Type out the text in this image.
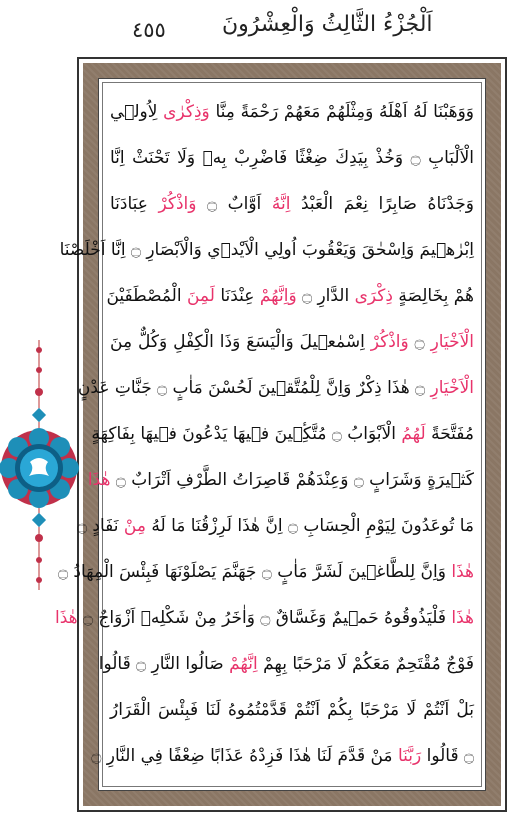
٤٥٥	اَلْجُزْءُ الثَّالِثُ وَالْعِشْرُونَ
وَوَهَبْنَا لَهُ اَهْلَهُ وَمِثْلَهُمْ مَعَهُمْ رَحْمَةً مِنَّا وَذِكْرٰى لِاُول۪ي
الْاَلْبَابِ ۝ وَخُذْ بِيَدِكَ ضِغْثًا فَاضْرِبْ بِه۪ وَلَا تَحْنَثْ اِنَّا
وَجَدْنَاهُ صَابِرًا نِعْمَ الْعَبْدُ اِنَّهُ اَوَّابٌ ۝ وَاذْكُرْ عِبَادَنَا
اِبْرٰه۪يمَ وَاِسْحٰقَ وَيَعْقُوبَ اُولِي الْاَيْد۪ي وَالْاَبْصَارِ ۝ اِنَّا اَخْلَصْنَا
هُمْ بِخَالِصَةٍ ذِكْرَى الدَّارِ ۝ وَاِنَّهُمْ عِنْدَنَا لَمِنَ الْمُصْطَفَيْنَ
الْاَخْيَارِ ۝ وَاذْكُرْ اِسْمٰع۪يلَ وَالْيَسَعَ وَذَا الْكِفْلِ وَكُلٌّ مِنَ
الْاَخْيَارِ ۝ هٰذَا ذِكْرٌ وَاِنَّ لِلْمُتَّق۪ينَ لَحُسْنَ مَاٰبٍ ۝ جَنَّاتِ عَدْنٍ
مُفَتَّحَةً لَهُمُ الْاَبْوَابُ ۝ مُتَّكِ۪ٔينَ ف۪يهَا يَدْعُونَ ف۪يهَا بِفَاكِهَةٍ
كَث۪يرَةٍ وَشَرَابٍ ۝ وَعِنْدَهُمْ قَاصِرَاتُ الطَّرْفِ اَتْرَابٌ ۝ هٰذَا
مَا تُوعَدُونَ لِيَوْمِ الْحِسَابِ ۝ اِنَّ هٰذَا لَرِزْقُنَا مَا لَهُ مِنْ نَفَادٍ ۝
هٰذَا وَاِنَّ لِلطَّاغ۪ينَ لَشَرَّ مَاٰبٍ ۝ جَهَنَّمَ يَصْلَوْنَهَا فَبِئْسَ الْمِهَادُ ۝
هٰذَا فَلْيَذُوقُوهُ حَم۪يمٌ وَغَسَّاقٌ ۝ وَاٰخَرُ مِنْ شَكْلِه۪ اَزْوَاجٌ ۝ هٰذَا
فَوْجٌ مُقْتَحِمٌ مَعَكُمْ لَا مَرْحَبًا بِهِمْ اِنَّهُمْ صَالُوا النَّارِ ۝ قَالُوا
بَلْ اَنْتُمْ لَا مَرْحَبًا بِكُمْ اَنْتُمْ قَدَّمْتُمُوهُ لَنَا فَبِئْسَ الْقَرَارُ
۝ قَالُوا رَبَّنَا مَنْ قَدَّمَ لَنَا هٰذَا فَزِدْهُ عَذَابًا ضِعْفًا فِي النَّارِ ۝
